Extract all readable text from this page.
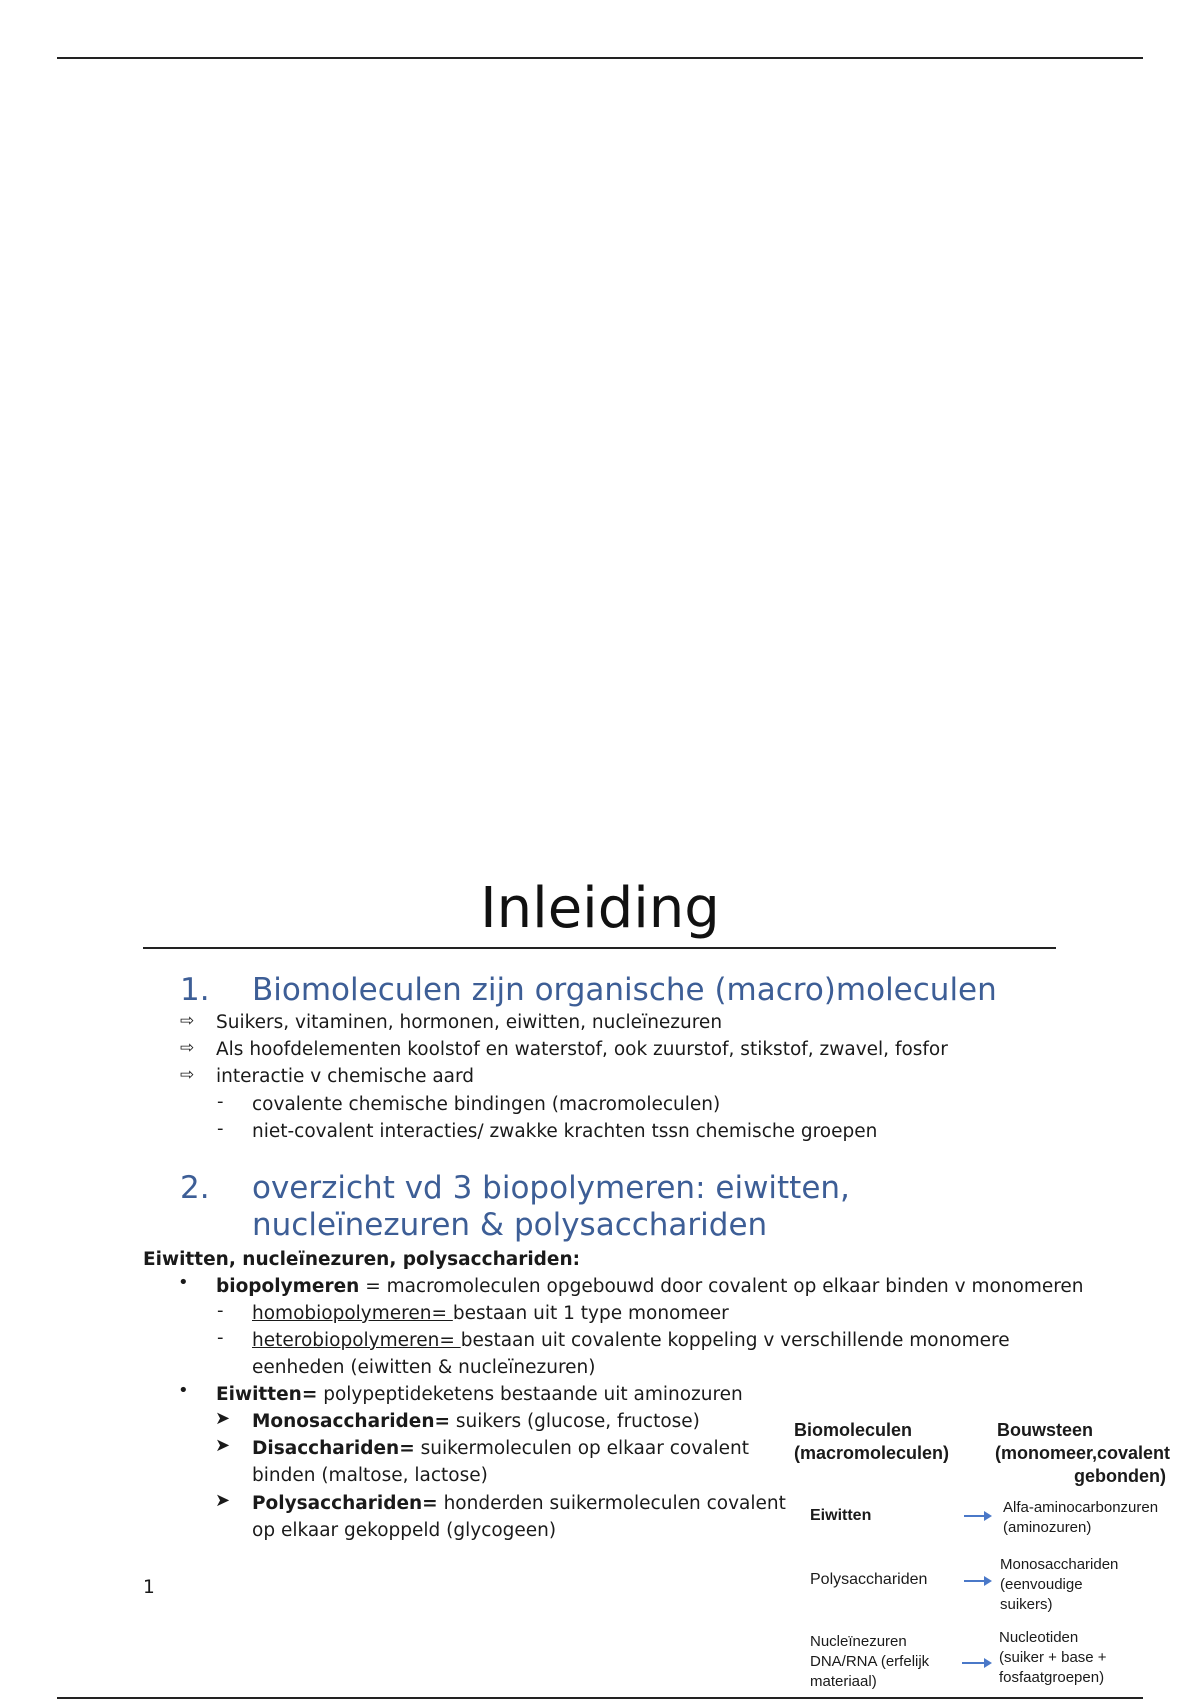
Inleiding
1. Biomoleculen zijn organische (macro)moleculen
⇨ Suikers, vitaminen, hormonen, eiwitten, nucleïnezuren
⇨ Als hoofdelementen koolstof en waterstof, ook zuurstof, stikstof, zwavel, fosfor
⇨ interactie v chemische aard
- covalente chemische bindingen (macromoleculen)
- niet-covalent interacties/ zwakke krachten tssn chemische groepen
2. overzicht vd 3 biopolymeren: eiwitten,
nucleïnezuren & polysacchariden
Eiwitten, nucleïnezuren, polysacchariden:
• biopolymeren = macromoleculen opgebouwd door covalent op elkaar binden v monomeren
- homobiopolymeren= bestaan uit 1 type monomeer
- heterobiopolymeren= bestaan uit covalente koppeling v verschillende monomere
eenheden (eiwitten & nucleïnezuren)
• Eiwitten= polypeptideketens bestaande uit aminozuren
➤ Monosacchariden= suikers (glucose, fructose)
➤ Disacchariden= suikermoleculen op elkaar covalent
binden (maltose, lactose)
➤ Polysacchariden= honderden suikermoleculen covalent
op elkaar gekoppeld (glycogeen)
1
Biomoleculen
(macromoleculen)
Bouwsteen
(monomeer,covalent
gebonden)
Eiwitten	Alfa-aminocarbonzuren
(aminozuren)
Polysacchariden
Monosacchariden
(eenvoudige
suikers)
Nucleïnezuren
DNA/RNA (erfelijk
materiaal)
Nucleotiden
(suiker + base +
fosfaatgroepen)
